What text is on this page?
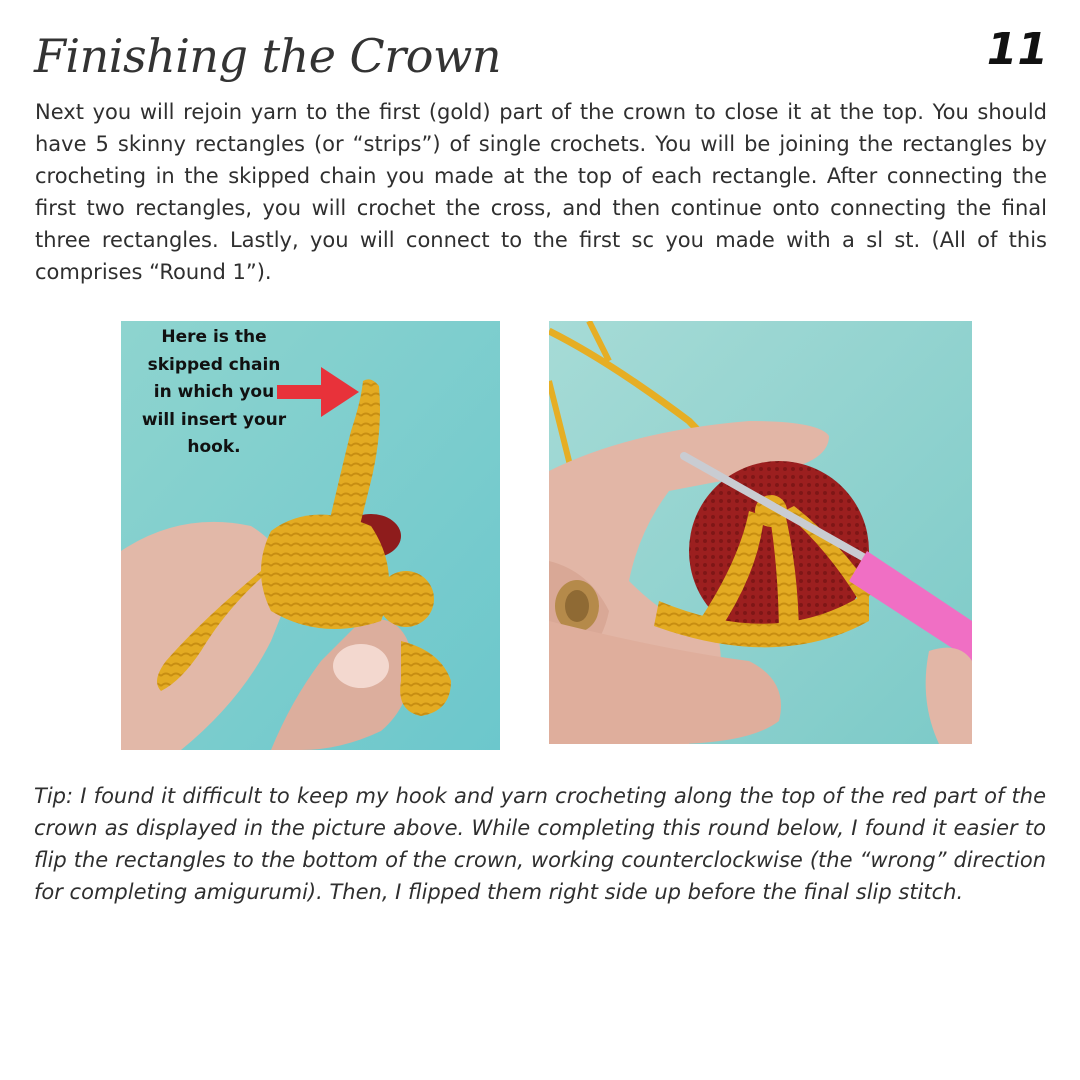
Finishing the Crown	11

Next you will rejoin yarn to the first (gold) part of the crown to close it at the top. You should have 5 skinny rectangles (or “strips”) of single crochets. You will be joining the rectangles by crocheting in the skipped chain you made at the top of each rectangle. After connecting the first two rectangles, you will crochet the cross, and then continue onto connecting the final three rectangles. Lastly, you will connect to the first sc you made with a sl st. (All of this comprises “Round 1”).

Here is the
skipped chain
in which you
will insert your
hook.

Tip: I found it difficult to keep my hook and yarn crocheting along the top of the red part of the crown as displayed in the picture above. While completing this round below, I found it easier to flip the rectangles to the bottom of the crown, working counterclockwise (the “wrong” direction for completing amigurumi). Then, I flipped them right side up before the final slip stitch.
